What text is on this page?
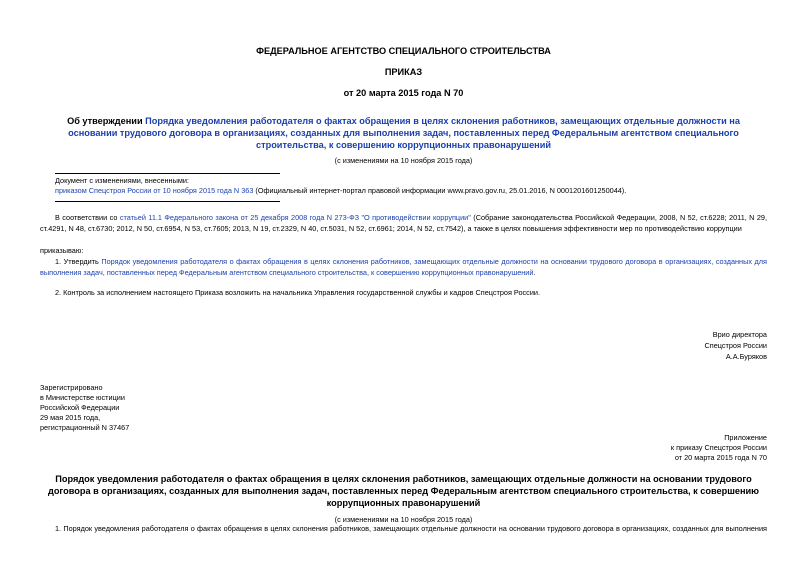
ФЕДЕРАЛЬНОЕ АГЕНТСТВО СПЕЦИАЛЬНОГО СТРОИТЕЛЬСТВА
ПРИКАЗ
от 20 марта 2015 года N 70
Об утверждении Порядка уведомления работодателя о фактах обращения в целях склонения работников, замещающих отдельные должности на основании трудового договора в организациях, созданных для выполнения задач, поставленных перед Федеральным агентством специального строительства, к совершению коррупционных правонарушений
(с изменениями на 10 ноября 2015 года)
Документ с изменениями, внесенными:
приказом Спецстроя России от 10 ноября 2015 года N 363 (Официальный интернет-портал правовой информации www.pravo.gov.ru, 25.01.2016, N 0001201601250044).
В соответствии со статьей 11.1 Федерального закона от 25 декабря 2008 года N 273-ФЗ "О противодействии коррупции" (Собрание законодательства Российской Федерации, 2008, N 52, ст.6228; 2011, N 29, ст.4291, N 48, ст.6730; 2012, N 50, ст.6954, N 53, ст.7605; 2013, N 19, ст.2329, N 40, ст.5031, N 52, ст.6961; 2014, N 52, ст.7542), а также в целях повышения эффективности мер по противодействию коррупции
приказываю:
1. Утвердить Порядок уведомления работодателя о фактах обращения в целях склонения работников, замещающих отдельные должности на основании трудового договора в организациях, созданных для выполнения задач, поставленных перед Федеральным агентством специального строительства, к совершению коррупционных правонарушений.
2. Контроль за исполнением настоящего Приказа возложить на начальника Управления государственной службы и кадров Спецстроя России.
Врио директора
Спецстроя России
А.А.Буряков
Зарегистрировано
в Министерстве юстиции
Российской Федерации
29 мая 2015 года,
регистрационный N 37467
Приложение
к приказу Спецстроя России
от 20 марта 2015 года N 70
Порядок уведомления работодателя о фактах обращения в целях склонения работников, замещающих отдельные должности на основании трудового договора в организациях, созданных для выполнения задач, поставленных перед Федеральным агентством специального строительства, к совершению коррупционных правонарушений
(с изменениями на 10 ноября 2015 года)
1. Порядок уведомления работодателя о фактах обращения в целях склонения работников, замещающих отдельные должности на основании трудового договора в организациях, созданных для выполнения
